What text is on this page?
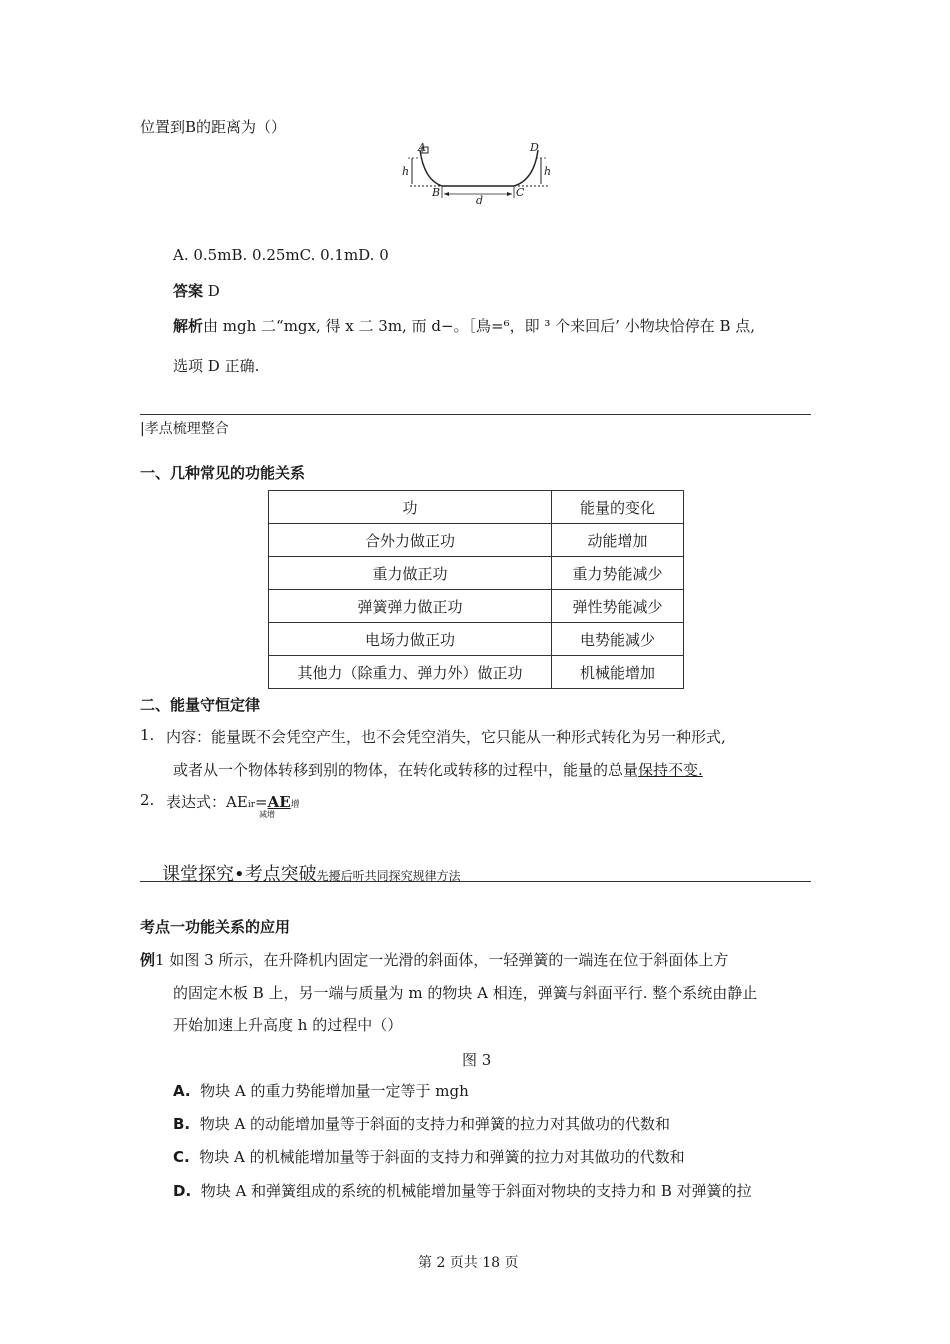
位置到B的距离为（）
A
h
B
d
C
D
h
A. 0.5mB. 0.25mC. 0.1mD. 0
答案 D
解析由 mgh 二“mgx, 得 x 二 3m, 而 d−。［鳥=⁶，即 ³ 个来回后’ 小物块恰停在 B 点,
选项 D 正确.
|孝点梳理整合
一、几种常见的功能关系
功	能量的变化
合外力做正功	动能增加
重力做正功	重力势能减少
弹簧弹力做正功	弹性势能减少
电场力做正功	电势能减少
其他力（除重力、弹力外）做正功	机械能增加
二、能量守恒定律
1. 内容：能量既不会凭空产生，也不会凭空消失，它只能从一种形式转化为另一种形式,
或者从一个物体转移到别的物体，在转化或转移的过程中，能量的总量保持不变.
2. 表达式：AEir=AE增
减增
课堂探究•考点突破先擾后听共同探究规律方法
考点一功能关系的应用
例1 如图 3 所示，在升降机内固定一光滑的斜面体，一轻弹簧的一端连在位于斜面体上方
的固定木板 B 上，另一端与质量为 m 的物块 A 相连，弹簧与斜面平行. 整个系统由静止
开始加速上升高度 h 的过程中（）
图 3
A. 物块 A 的重力势能增加量一定等于 mgh
B. 物块 A 的动能增加量等于斜面的支持力和弹簧的拉力对其做功的代数和
C. 物块 A 的机械能增加量等于斜面的支持力和弹簧的拉力对其做功的代数和
D. 物块 A 和弹簧组成的系统的机械能增加量等于斜面对物块的支持力和 B 对弹簧的拉
第 2 页共 18 页
